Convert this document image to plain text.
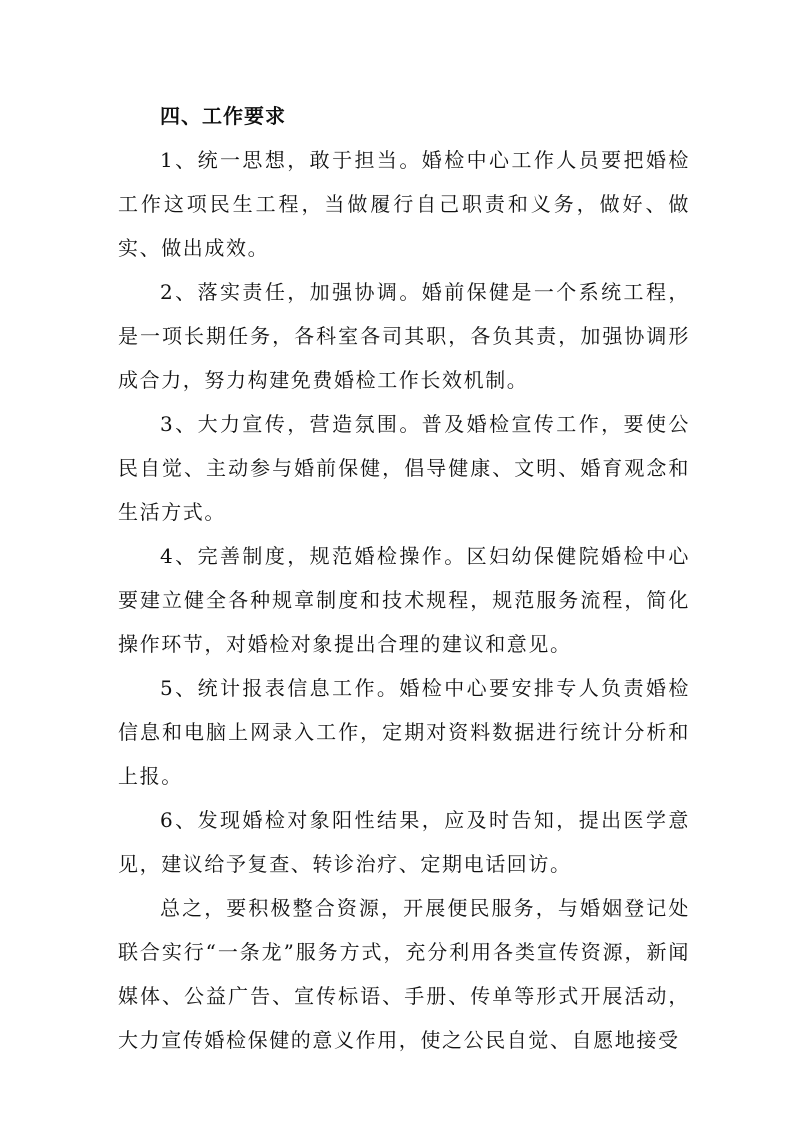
四、工作要求

1、统一思想，敢于担当。婚检中心工作人员要把婚检工作这项民生工程，当做履行自己职责和义务，做好、做实、做出成效。

2、落实责任，加强协调。婚前保健是一个系统工程，是一项长期任务，各科室各司其职，各负其责，加强协调形成合力，努力构建免费婚检工作长效机制。

3、大力宣传，营造氛围。普及婚检宣传工作，要使公民自觉、主动参与婚前保健，倡导健康、文明、婚育观念和生活方式。

4、完善制度，规范婚检操作。区妇幼保健院婚检中心要建立健全各种规章制度和技术规程，规范服务流程，简化操作环节，对婚检对象提出合理的建议和意见。

5、统计报表信息工作。婚检中心要安排专人负责婚检信息和电脑上网录入工作，定期对资料数据进行统计分析和上报。

6、发现婚检对象阳性结果，应及时告知，提出医学意见，建议给予复查、转诊治疗、定期电话回访。

总之，要积极整合资源，开展便民服务，与婚姻登记处联合实行“一条龙”服务方式，充分利用各类宣传资源，新闻媒体、公益广告、宣传标语、手册、传单等形式开展活动，大力宣传婚检保健的意义作用，使之公民自觉、自愿地接受
